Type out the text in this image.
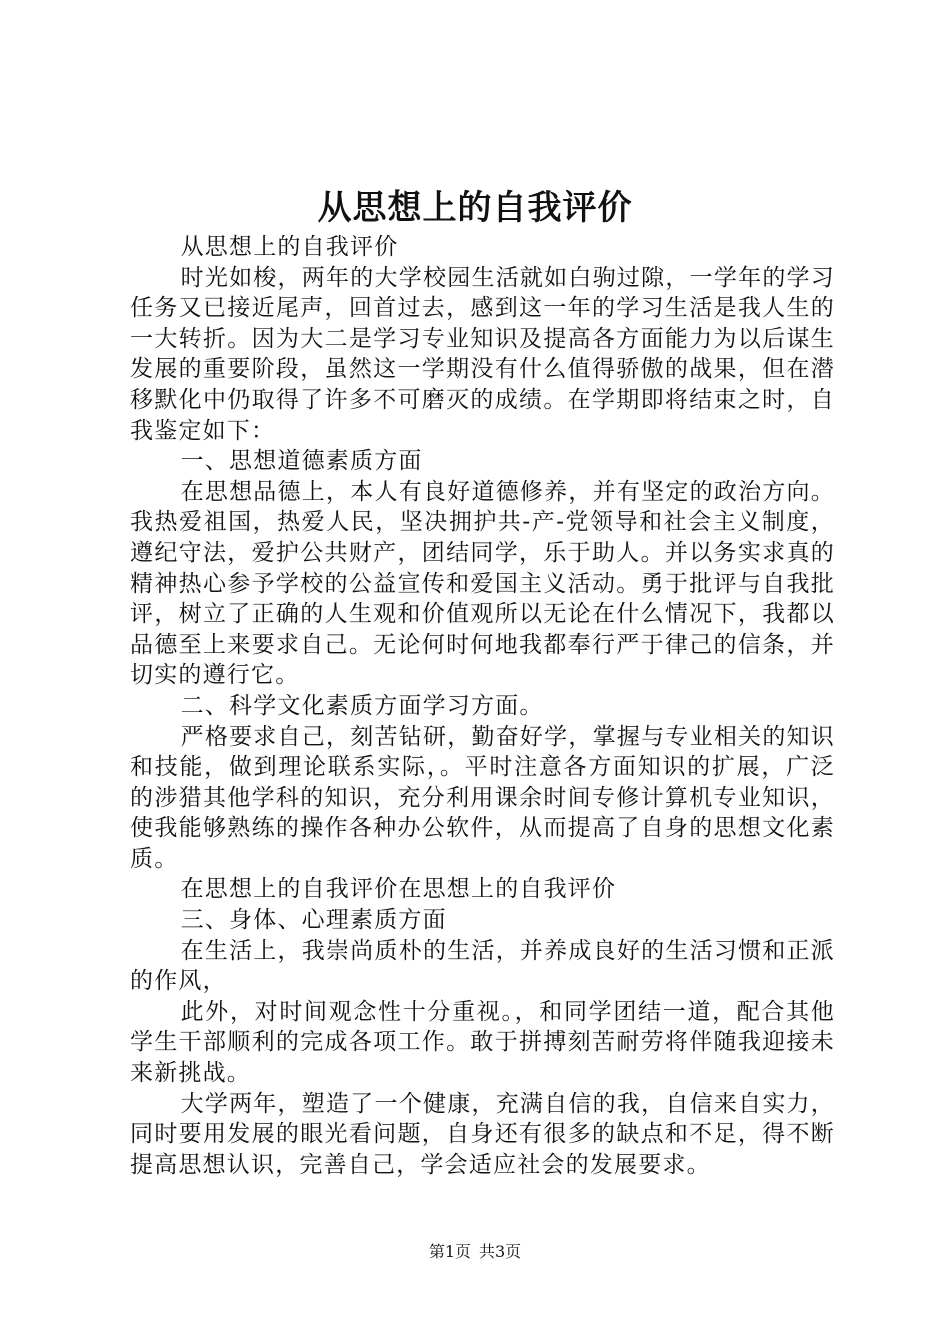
从思想上的自我评价

从思想上的自我评价

时光如梭，两年的大学校园生活就如白驹过隙，一学年的学习任务又已接近尾声，回首过去，感到这一年的学习生活是我人生的一大转折。因为大二是学习专业知识及提高各方面能力为以后谋生发展的重要阶段，虽然这一学期没有什么值得骄傲的战果，但在潜移默化中仍取得了许多不可磨灭的成绩。在学期即将结束之时，自我鉴定如下：

一、思想道德素质方面

在思想品德上，本人有良好道德修养，并有坚定的政治方向。我热爱祖国，热爱人民，坚决拥护共-产-党领导和社会主义制度，遵纪守法，爱护公共财产，团结同学，乐于助人。并以务实求真的精神热心参予学校的公益宣传和爱国主义活动。勇于批评与自我批评，树立了正确的人生观和价值观所以无论在什么情况下，我都以品德至上来要求自己。无论何时何地我都奉行严于律己的信条，并切实的遵行它。

二、科学文化素质方面学习方面。

严格要求自己，刻苦钻研，勤奋好学，掌握与专业相关的知识和技能，做到理论联系实际，。平时注意各方面知识的扩展，广泛的涉猎其他学科的知识，充分利用课余时间专修计算机专业知识，使我能够熟练的操作各种办公软件，从而提高了自身的思想文化素质。

在思想上的自我评价在思想上的自我评价

三、身体、心理素质方面

在生活上，我崇尚质朴的生活，并养成良好的生活习惯和正派的作风，

此外，对时间观念性十分重视。，和同学团结一道，配合其他学生干部顺利的完成各项工作。敢于拼搏刻苦耐劳将伴随我迎接未来新挑战。

大学两年，塑造了一个健康，充满自信的我，自信来自实力，同时要用发展的眼光看问题，自身还有很多的缺点和不足，得不断提高思想认识，完善自己，学会适应社会的发展要求。

第1页 共3页
